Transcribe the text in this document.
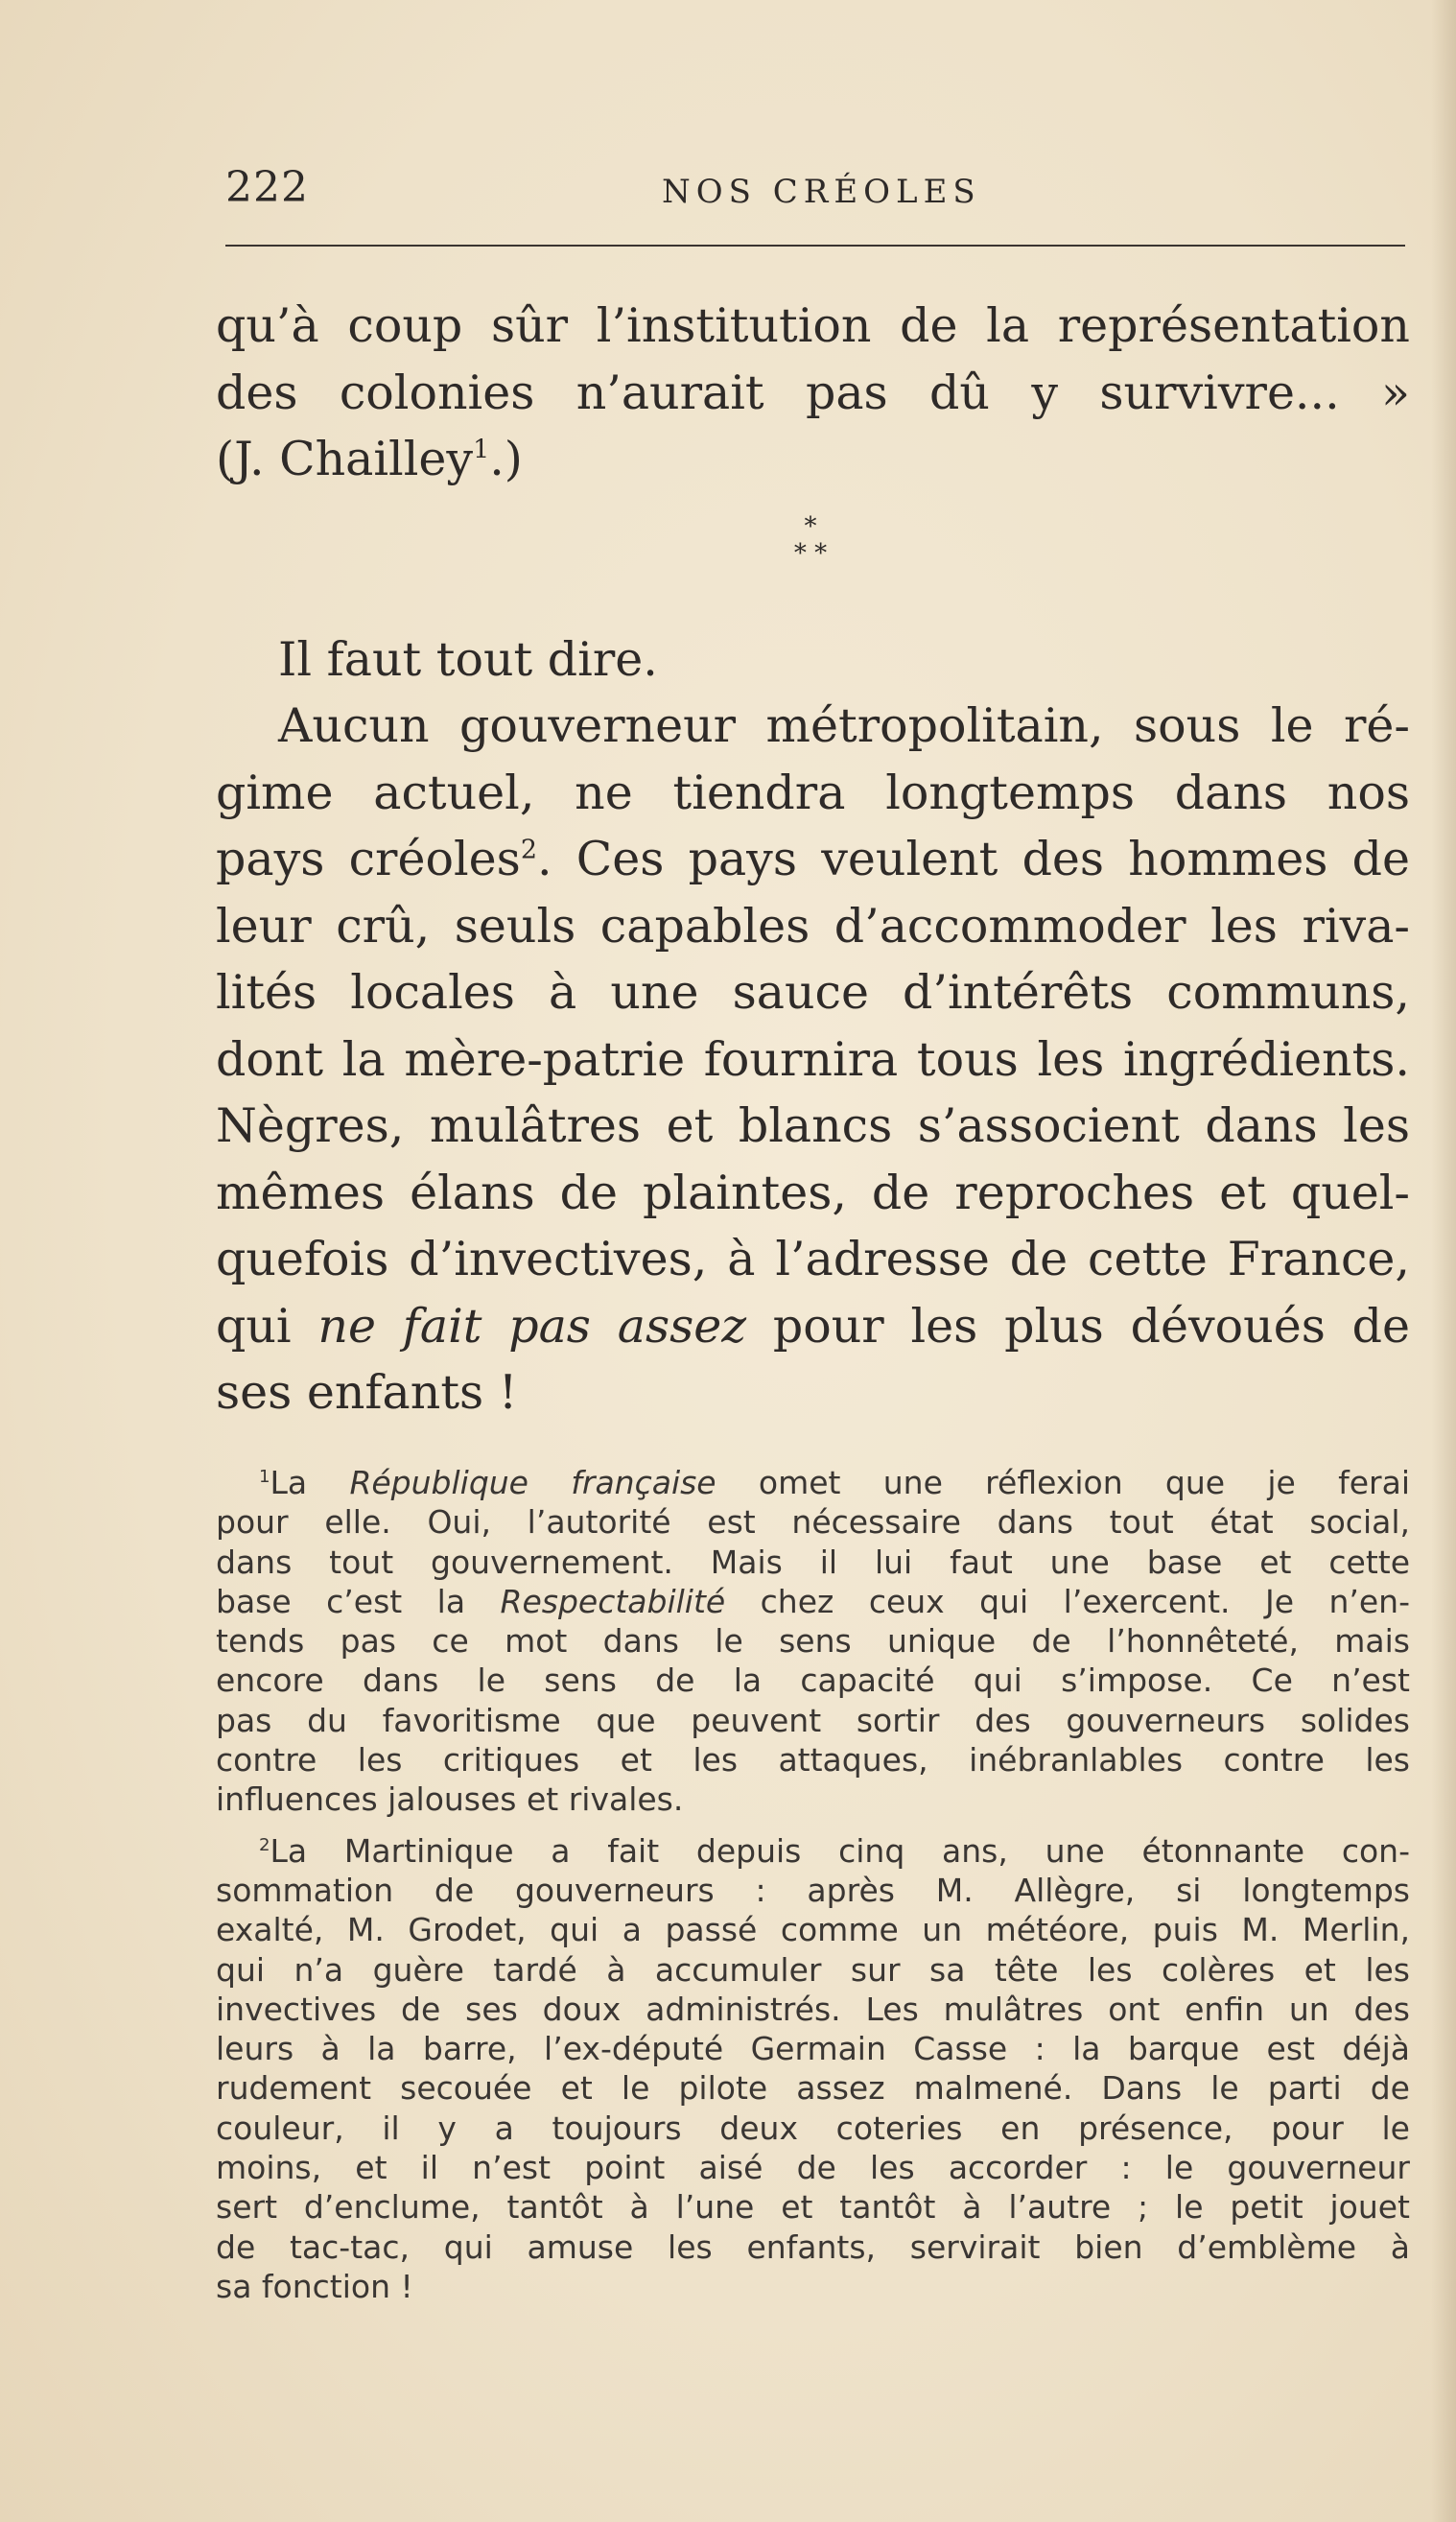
222	NOS CRÉOLES
qu’à coup sûr l’institution de la représentation
des colonies n’aurait pas dû y survivre... »
(J. Chailley$^1$.)
Il faut tout dire.
Aucun gouverneur métropolitain, sous le ré-
gime actuel, ne tiendra longtemps dans nos
pays créoles$^2$. Ces pays veulent des hommes de
leur crû, seuls capables d’accommoder les riva-
lités locales à une sauce d’intérêts communs,
dont la mère-patrie fournira tous les ingrédients.
Nègres, mulâtres et blancs s’associent dans les
mêmes élans de plaintes, de reproches et quel-
quefois d’invectives, à l’adresse de cette France,
qui ne fait pas assez pour les plus dévoués de
ses enfants !
*
* *
$^1$La République française omet une réflexion que je ferai
pour elle. Oui, l’autorité est nécessaire dans tout état social,
dans tout gouvernement. Mais il lui faut une base et cette
base c’est la Respectabilité chez ceux qui l’exercent. Je n’en-
tends pas ce mot dans le sens unique de l’honnêteté, mais
encore dans le sens de la capacité qui s’impose. Ce n’est
pas du favoritisme que peuvent sortir des gouverneurs solides
contre les critiques et les attaques, inébranlables contre les
influences jalouses et rivales.
$^2$La Martinique a fait depuis cinq ans, une étonnante con-
sommation de gouverneurs : après M. Allègre, si longtemps
exalté, M. Grodet, qui a passé comme un météore, puis M. Merlin,
qui n’a guère tardé à accumuler sur sa tête les colères et les
invectives de ses doux administrés. Les mulâtres ont enfin un des
leurs à la barre, l’ex-député Germain Casse : la barque est déjà
rudement secouée et le pilote assez malmené. Dans le parti de
couleur, il y a toujours deux coteries en présence, pour le
moins, et il n’est point aisé de les accorder : le gouverneur
sert d’enclume, tantôt à l’une et tantôt à l’autre ; le petit jouet
de tac-tac, qui amuse les enfants, servirait bien d’emblème à
sa fonction !
